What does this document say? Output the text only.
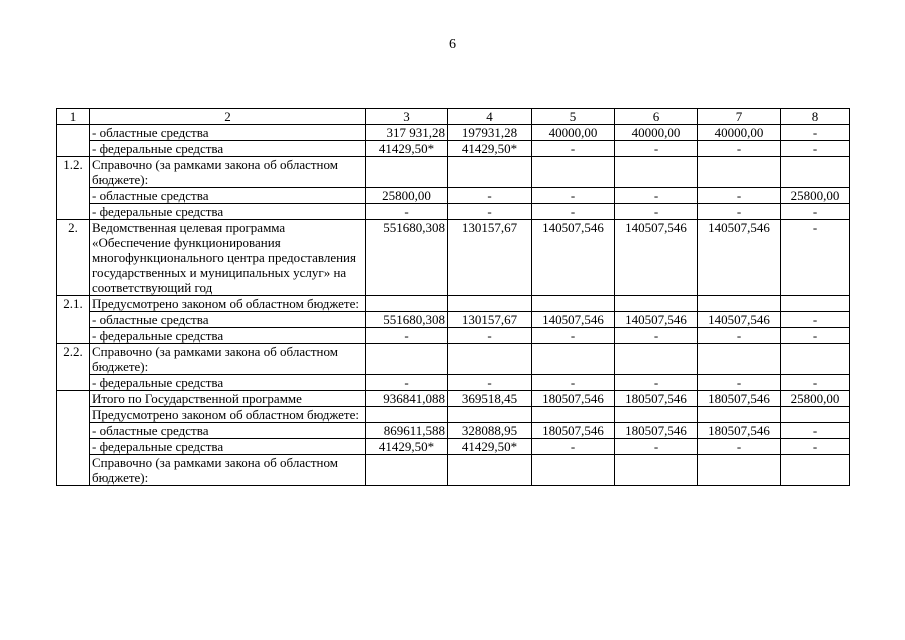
6
1	2	3	4	5	6	7	8
	- областные средства	317 931,28	197931,28	40000,00	40000,00	40000,00	-
	- федеральные средства	41429,50*	41429,50*	-	-	-	-
1.2.	Справочно (за рамками закона об областном бюджете):						
	- областные средства	25800,00	-	-	-	-	25800,00
	- федеральные средства	-	-	-	-	-	-
2.	Ведомственная целевая программа «Обеспечение функционирования многофункционального центра предоставления государственных и муниципальных услуг» на соответствующий год	551680,308	130157,67	140507,546	140507,546	140507,546	-
2.1.	Предусмотрено законом об областном бюджете:						
	- областные средства	551680,308	130157,67	140507,546	140507,546	140507,546	-
	- федеральные средства	-	-	-	-	-	-
2.2.	Справочно (за рамками закона об областном бюджете):						
	- федеральные средства	-	-	-	-	-	-
	Итого по Государственной программе	936841,088	369518,45	180507,546	180507,546	180507,546	25800,00
	Предусмотрено законом об областном бюджете:						
	- областные средства	869611,588	328088,95	180507,546	180507,546	180507,546	-
	- федеральные средства	41429,50*	41429,50*	-	-	-	-
	Справочно (за рамками закона об областном бюджете):						
